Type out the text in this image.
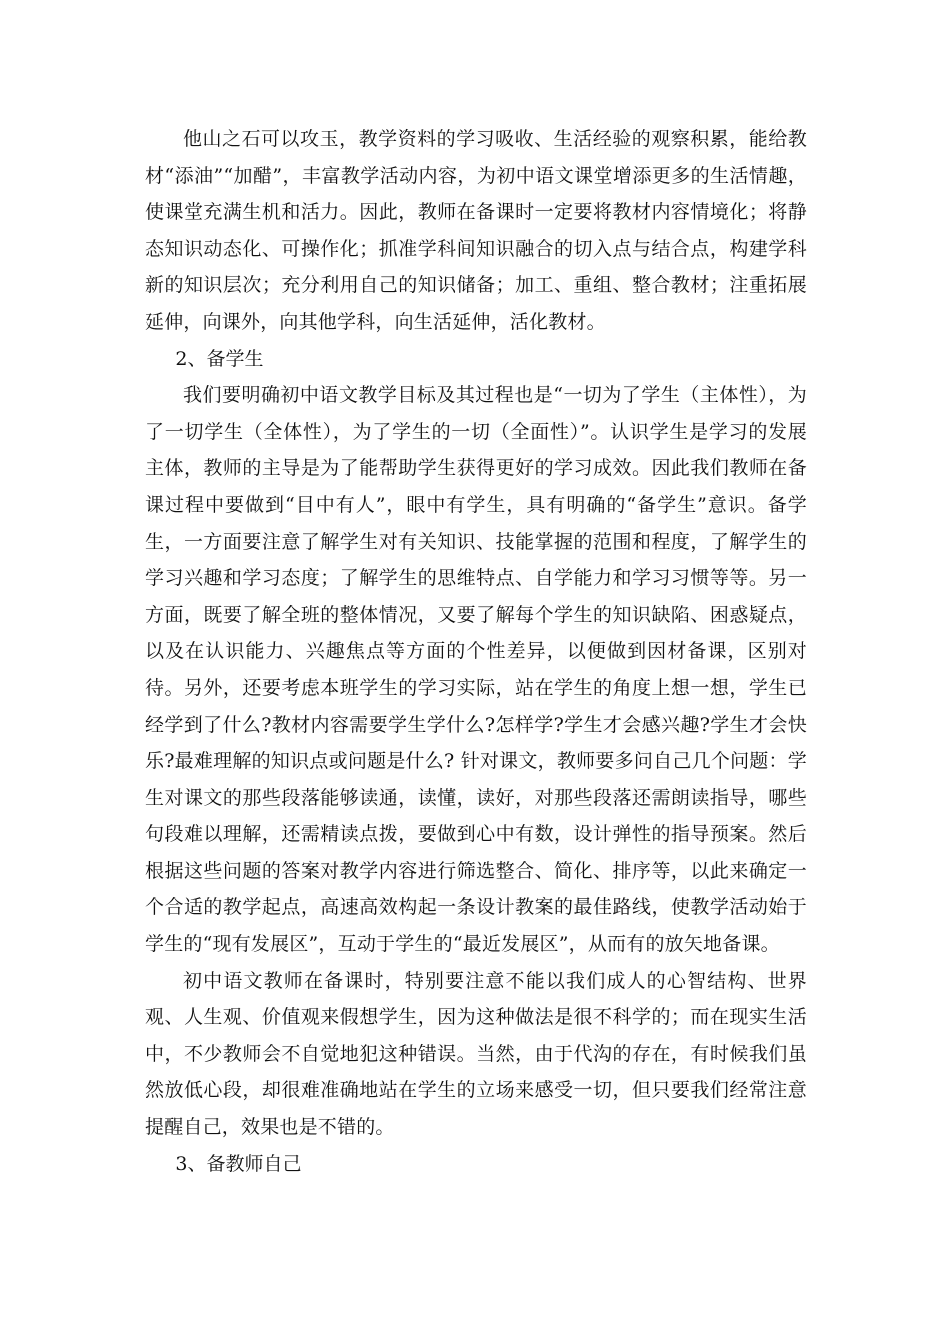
他山之石可以攻玉，教学资料的学习吸收、生活经验的观察积累，能给教材“添油”“加醋”，丰富教学活动内容，为初中语文课堂增添更多的生活情趣，使课堂充满生机和活力。因此，教师在备课时一定要将教材内容情境化；将静态知识动态化、可操作化；抓准学科间知识融合的切入点与结合点，构建学科新的知识层次；充分利用自己的知识储备；加工、重组、整合教材；注重拓展延伸，向课外，向其他学科，向生活延伸，活化教材。

2、备学生

我们要明确初中语文教学目标及其过程也是“一切为了学生（主体性），为了一切学生（全体性），为了学生的一切（全面性）”。认识学生是学习的发展主体，教师的主导是为了能帮助学生获得更好的学习成效。因此我们教师在备课过程中要做到“目中有人”，眼中有学生，具有明确的“备学生”意识。备学生，一方面要注意了解学生对有关知识、技能掌握的范围和程度，了解学生的学习兴趣和学习态度；了解学生的思维特点、自学能力和学习习惯等等。另一方面，既要了解全班的整体情况，又要了解每个学生的知识缺陷、困惑疑点，以及在认识能力、兴趣焦点等方面的个性差异，以便做到因材备课，区别对待。另外，还要考虑本班学生的学习实际，站在学生的角度上想一想，学生已经学到了什么?教材内容需要学生学什么?怎样学?学生才会感兴趣?学生才会快乐?最难理解的知识点或问题是什么? 针对课文，教师要多问自己几个问题：学生对课文的那些段落能够读通，读懂，读好，对那些段落还需朗读指导，哪些句段难以理解，还需精读点拨，要做到心中有数，设计弹性的指导预案。然后根据这些问题的答案对教学内容进行筛选整合、简化、排序等，以此来确定一个合适的教学起点，高速高效构起一条设计教案的最佳路线，使教学活动始于学生的“现有发展区”，互动于学生的“最近发展区”，从而有的放矢地备课。

初中语文教师在备课时，特别要注意不能以我们成人的心智结构、世界观、人生观、价值观来假想学生，因为这种做法是很不科学的；而在现实生活中，不少教师会不自觉地犯这种错误。当然，由于代沟的存在，有时候我们虽然放低心段，却很难准确地站在学生的立场来感受一切，但只要我们经常注意提醒自己，效果也是不错的。

3、备教师自己
